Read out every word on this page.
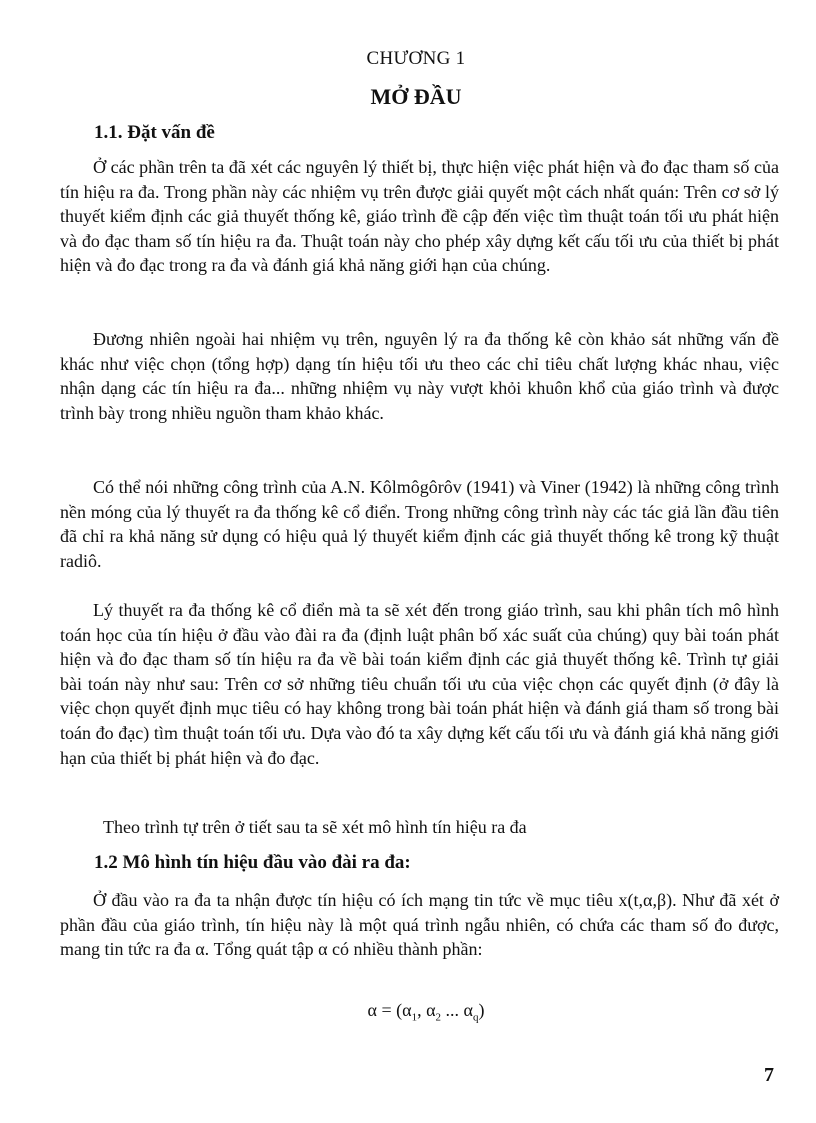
CHƯƠNG 1
MỞ ĐẦU
1.1. Đặt vấn đề

Ở các phần trên ta đã xét các nguyên lý thiết bị, thực hiện việc phát hiện và đo đạc tham số của tín hiệu ra đa. Trong phần này các nhiệm vụ trên được giải quyết một cách nhất quán: Trên cơ sở lý thuyết kiểm định các giả thuyết thống kê, giáo trình đề cập đến việc tìm thuật toán tối ưu phát hiện và đo đạc tham số tín hiệu ra đa. Thuật toán này cho phép xây dựng kết cấu tối ưu của thiết bị phát hiện và đo đạc trong ra đa và đánh giá khả năng giới hạn của chúng.

Đương nhiên ngoài hai nhiệm vụ trên, nguyên lý ra đa thống kê còn khảo sát những vấn đề khác như việc chọn (tổng hợp) dạng tín hiệu tối ưu theo các chỉ tiêu chất lượng khác nhau, việc nhận dạng các tín hiệu ra đa... những nhiệm vụ này vượt khỏi khuôn khổ của giáo trình và được trình bày trong nhiều nguồn tham khảo khác.

Có thể nói những công trình của A.N. Kôlmôgôrôv (1941) và Viner (1942) là những công trình nền móng của lý thuyết ra đa thống kê cổ điển. Trong những công trình này các tác giả lần đầu tiên đã chỉ ra khả năng sử dụng có hiệu quả lý thuyết kiểm định các giả thuyết thống kê trong kỹ thuật radiô.

Lý thuyết ra đa thống kê cổ điển mà ta sẽ xét đến trong giáo trình, sau khi phân tích mô hình toán học của tín hiệu ở đầu vào đài ra đa (định luật phân bố xác suất của chúng) quy bài toán phát hiện và đo đạc tham số tín hiệu ra đa về bài toán kiểm định các giả thuyết thống kê. Trình tự giải bài toán này như sau: Trên cơ sở những tiêu chuẩn tối ưu của việc chọn các quyết định (ở đây là việc chọn quyết định mục tiêu có hay không trong bài toán phát hiện và đánh giá tham số trong bài toán đo đạc) tìm thuật toán tối ưu. Dựa vào đó ta xây dựng kết cấu tối ưu và đánh giá khả năng giới hạn của thiết bị phát hiện và đo đạc.

Theo trình tự trên ở tiết sau ta sẽ xét mô hình tín hiệu ra đa

1.2 Mô hình tín hiệu đầu vào đài ra đa:

Ở đầu vào ra đa ta nhận được tín hiệu có ích mạng tin tức về mục tiêu x(t,α,β). Như đã xét ở phần đầu của giáo trình, tín hiệu này là một quá trình ngẫu nhiên, có chứa các tham số đo được, mang tin tức ra đa α. Tổng quát tập α có nhiều thành phần:

$\alpha = (\alpha_1$, $\alpha_2$ ... $\alpha_q$)
7
